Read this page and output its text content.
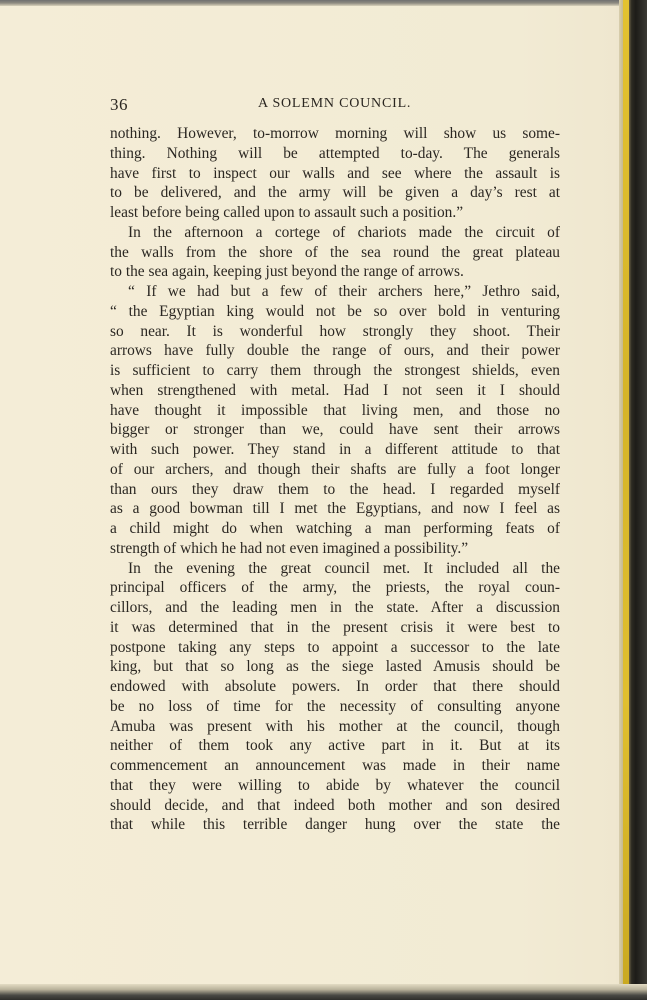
36	A SOLEMN COUNCIL.
nothing. However, to-morrow morning will show us some-
thing. Nothing will be attempted to-day. The generals
have first to inspect our walls and see where the assault is
to be delivered, and the army will be given a day’s rest at
least before being called upon to assault such a position.”
In the afternoon a cortege of chariots made the circuit of
the walls from the shore of the sea round the great plateau
to the sea again, keeping just beyond the range of arrows.
“ If we had but a few of their archers here,” Jethro said,
“ the Egyptian king would not be so over bold in venturing
so near. It is wonderful how strongly they shoot. Their
arrows have fully double the range of ours, and their power
is sufficient to carry them through the strongest shields, even
when strengthened with metal. Had I not seen it I should
have thought it impossible that living men, and those no
bigger or stronger than we, could have sent their arrows
with such power. They stand in a different attitude to that
of our archers, and though their shafts are fully a foot longer
than ours they draw them to the head. I regarded myself
as a good bowman till I met the Egyptians, and now I feel as
a child might do when watching a man performing feats of
strength of which he had not even imagined a possibility.”
In the evening the great council met. It included all the
principal officers of the army, the priests, the royal coun-
cillors, and the leading men in the state. After a discussion
it was determined that in the present crisis it were best to
postpone taking any steps to appoint a successor to the late
king, but that so long as the siege lasted Amusis should be
endowed with absolute powers. In order that there should
be no loss of time for the necessity of consulting anyone
Amuba was present with his mother at the council, though
neither of them took any active part in it. But at its
commencement an announcement was made in their name
that they were willing to abide by whatever the council
should decide, and that indeed both mother and son desired
that while this terrible danger hung over the state the
